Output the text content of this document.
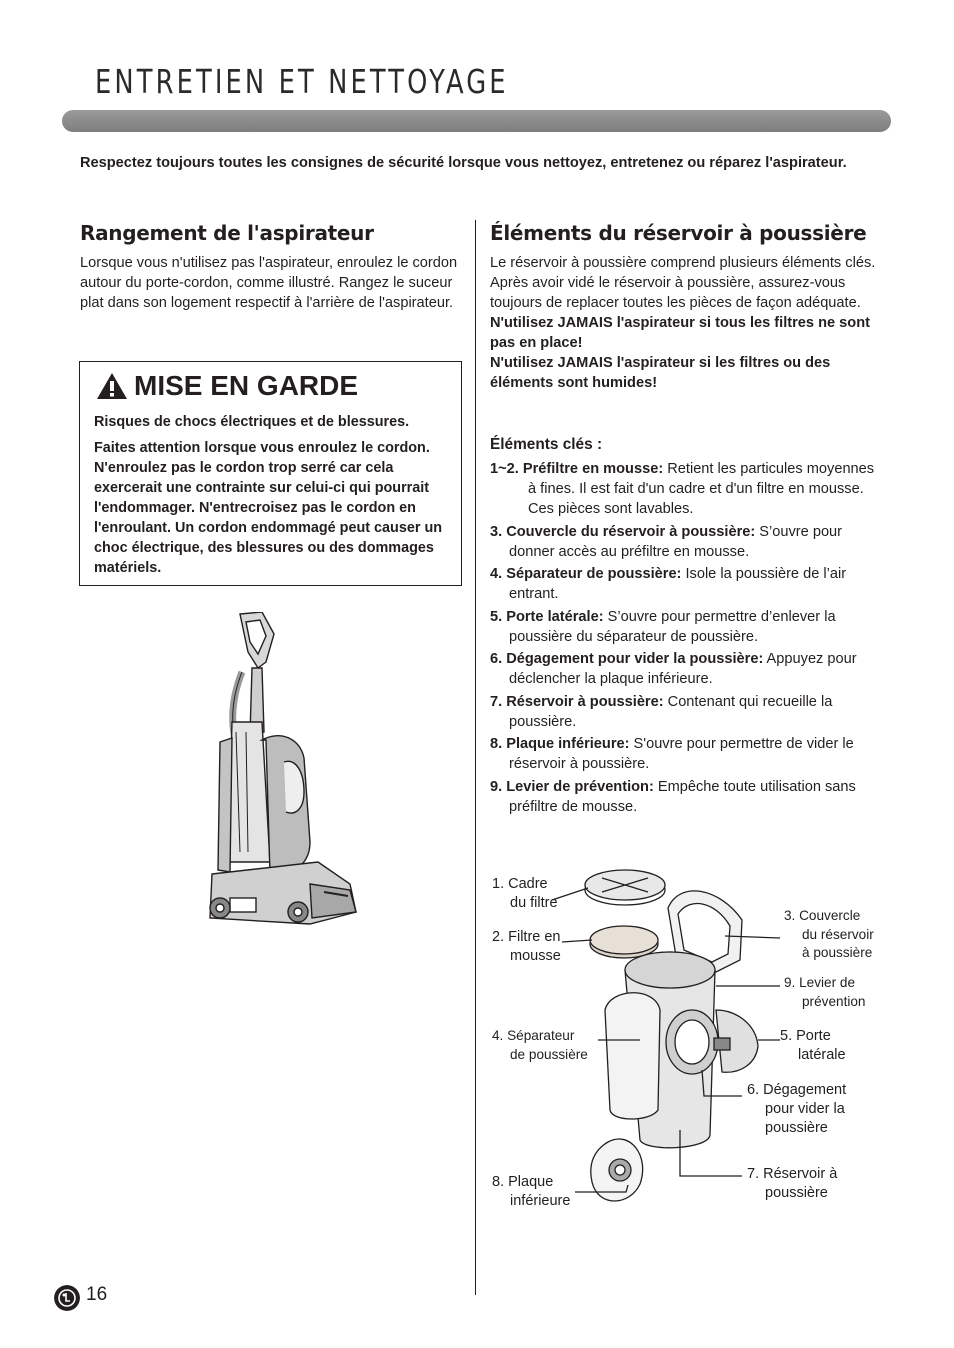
ENTRETIEN ET NETTOYAGE
Respectez toujours toutes les consignes de sécurité lorsque vous nettoyez, entretenez ou réparez l'aspirateur.
Rangement de l'aspirateur
Lorsque vous n'utilisez pas l'aspirateur, enroulez le cordon autour du porte-cordon, comme illustré. Rangez le suceur plat dans son logement respectif à l'arrière de l'aspirateur.
MISE EN GARDE
Risques de chocs électriques et de blessures.
Faites attention lorsque vous enroulez le cordon. N'enroulez pas le cordon trop serré car cela exercerait une contrainte sur celui-ci qui pourrait l'endommager. N'entrecroisez pas le cordon en l'enroulant. Un cordon endommagé peut causer un choc électrique, des blessures ou des dommages matériels.
Éléments du réservoir à poussière
Le réservoir à poussière comprend plusieurs éléments clés. Après avoir vidé le réservoir à poussière, assurez-vous toujours de replacer toutes les pièces de façon adéquate.
N'utilisez JAMAIS l'aspirateur si tous les filtres ne sont pas en place!
N'utilisez JAMAIS l'aspirateur si les filtres ou des éléments sont humides!
Éléments clés :
1~2. Préfiltre en mousse: Retient les particules moyennes à fines. Il est fait d'un cadre et d'un filtre en mousse. Ces pièces sont lavables.
3. Couvercle du réservoir à poussière: S’ouvre pour donner accès au préfiltre en mousse.
4. Séparateur de poussière: Isole la poussière de l’air entrant.
5. Porte latérale: S’ouvre pour permettre d’enlever la poussière du séparateur de poussière.
6. Dégagement pour vider la poussière: Appuyez pour déclencher la plaque inférieure.
7. Réservoir à poussière: Contenant qui recueille la poussière.
8. Plaque inférieure: S'ouvre pour permettre de vider le réservoir à poussière.
9. Levier de prévention: Empêche toute utilisation sans préfiltre de mousse.
1. Cadre
du filtre
2. Filtre en
mousse
3. Couvercle
du réservoir
à poussière
9. Levier de
prévention
4. Séparateur
de poussière
5. Porte
latérale
6. Dégagement
pour vider la
poussière
7. Réservoir à
poussière
8. Plaque
inférieure
16
